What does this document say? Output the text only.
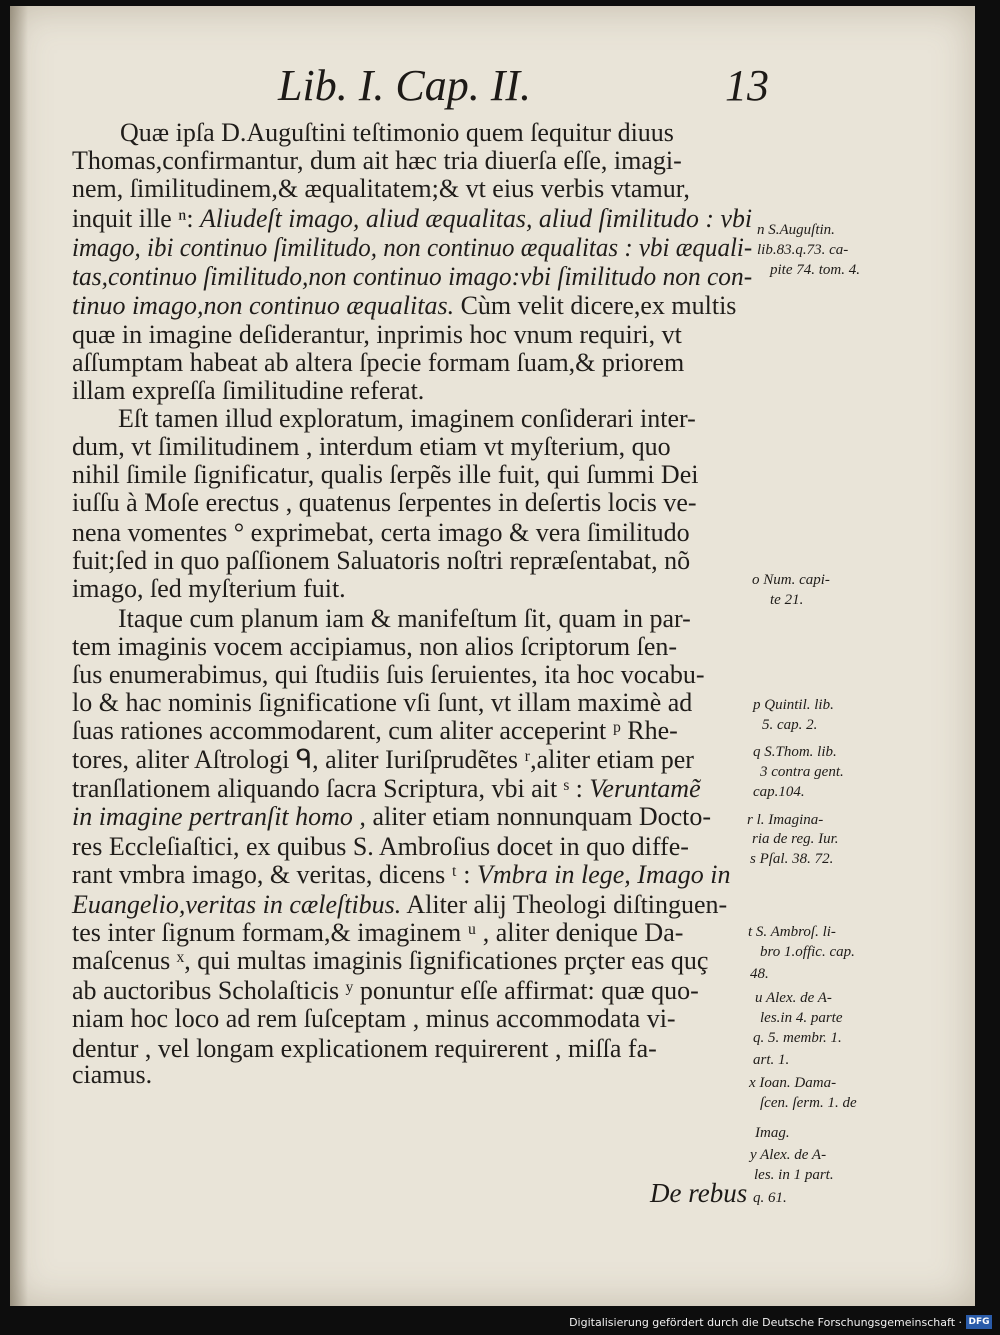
Lib. I. Cap. II.	13
Quæ ipſa D.Auguſtini teſtimonio quem ſequitur diuus
Thomas,confirmantur, dum ait hæc tria diuerſa eſſe, imagi-
nem, ſimilitudinem,& æqualitatem;& vt eius verbis vtamur,
inquit ille ⁿ: Aliudeſt imago, aliud æqualitas, aliud ſimilitudo : vbi
imago, ibi continuo ſimilitudo, non continuo æqualitas : vbi æquali-
tas,continuo ſimilitudo,non continuo imago:vbi ſimilitudo non con-
tinuo imago,non continuo æqualitas. Cùm velit dicere,ex multis
quæ in imagine deſiderantur, inprimis hoc vnum requiri, vt
aſſumptam habeat ab altera ſpecie formam ſuam,& priorem
illam expreſſa ſimilitudine referat.
Eſt tamen illud exploratum, imaginem conſiderari inter-
dum, vt ſimilitudinem , interdum etiam vt myſterium, quo
nihil ſimile ſignificatur, qualis ſerpẽs ille fuit, qui ſummi Dei
iuſſu à Moſe erectus , quatenus ſerpentes in deſertis locis ve-
nena vomentes ° exprimebat, certa imago & vera ſimilitudo
fuit;ſed in quo paſſionem Saluatoris noſtri repræſentabat, nõ
imago, ſed myſterium fuit.
Itaque cum planum iam & manifeſtum ſit, quam in par-
tem imaginis vocem accipiamus, non alios ſcriptorum ſen-
ſus enumerabimus, qui ſtudiis ſuis ſeruientes, ita hoc vocabu-
lo & hac nominis ſignificatione vſi ſunt, vt illam maximè ad
ſuas rationes accommodarent, cum aliter acceperint ᵖ Rhe-
tores, aliter Aſtrologi ᑫ, aliter Iuriſprudẽtes ʳ,aliter etiam per
tranſlationem aliquando ſacra Scriptura, vbi ait ˢ : Veruntamẽ
in imagine pertranſit homo , aliter etiam nonnunquam Docto-
res Eccleſiaſtici, ex quibus S. Ambroſius docet in quo diffe-
rant vmbra imago, & veritas, dicens ᵗ : Vmbra in lege, Imago in
Euangelio,veritas in cæleſtibus. Aliter alij Theologi diſtinguen-
tes inter ſignum formam,& imaginem ᵘ , aliter denique Da-
maſcenus ˣ, qui multas imaginis ſignificationes prçter eas quç
ab auctoribus Scholaſticis ʸ ponuntur eſſe affirmat: quæ quo-
niam hoc loco ad rem ſuſceptam , minus accommodata vi-
dentur , vel longam explicationem requirerent , miſſa fa-
ciamus.
n S.Auguſtin.
lib.83.q.73. ca-
pite 74. tom. 4.
o Num. capi-
te 21.
p Quintil. lib.
5. cap. 2.
q S.Thom. lib.
3 contra gent.
cap.104.
r l. Imagina-
ria de reg. Iur.
s Pſal. 38. 72.
t S. Ambroſ. li-
bro 1.offic. cap.
48.
u Alex. de A-
les.in 4. parte
q. 5. membr. 1.
art. 1.
x Ioan. Dama-
ſcen. ſerm. 1. de
Imag.
y Alex. de A-
les. in 1 part.
De rebus q. 61.
Digitalisierung gefördert durch die Deutsche Forschungsgemeinschaft · DFG
